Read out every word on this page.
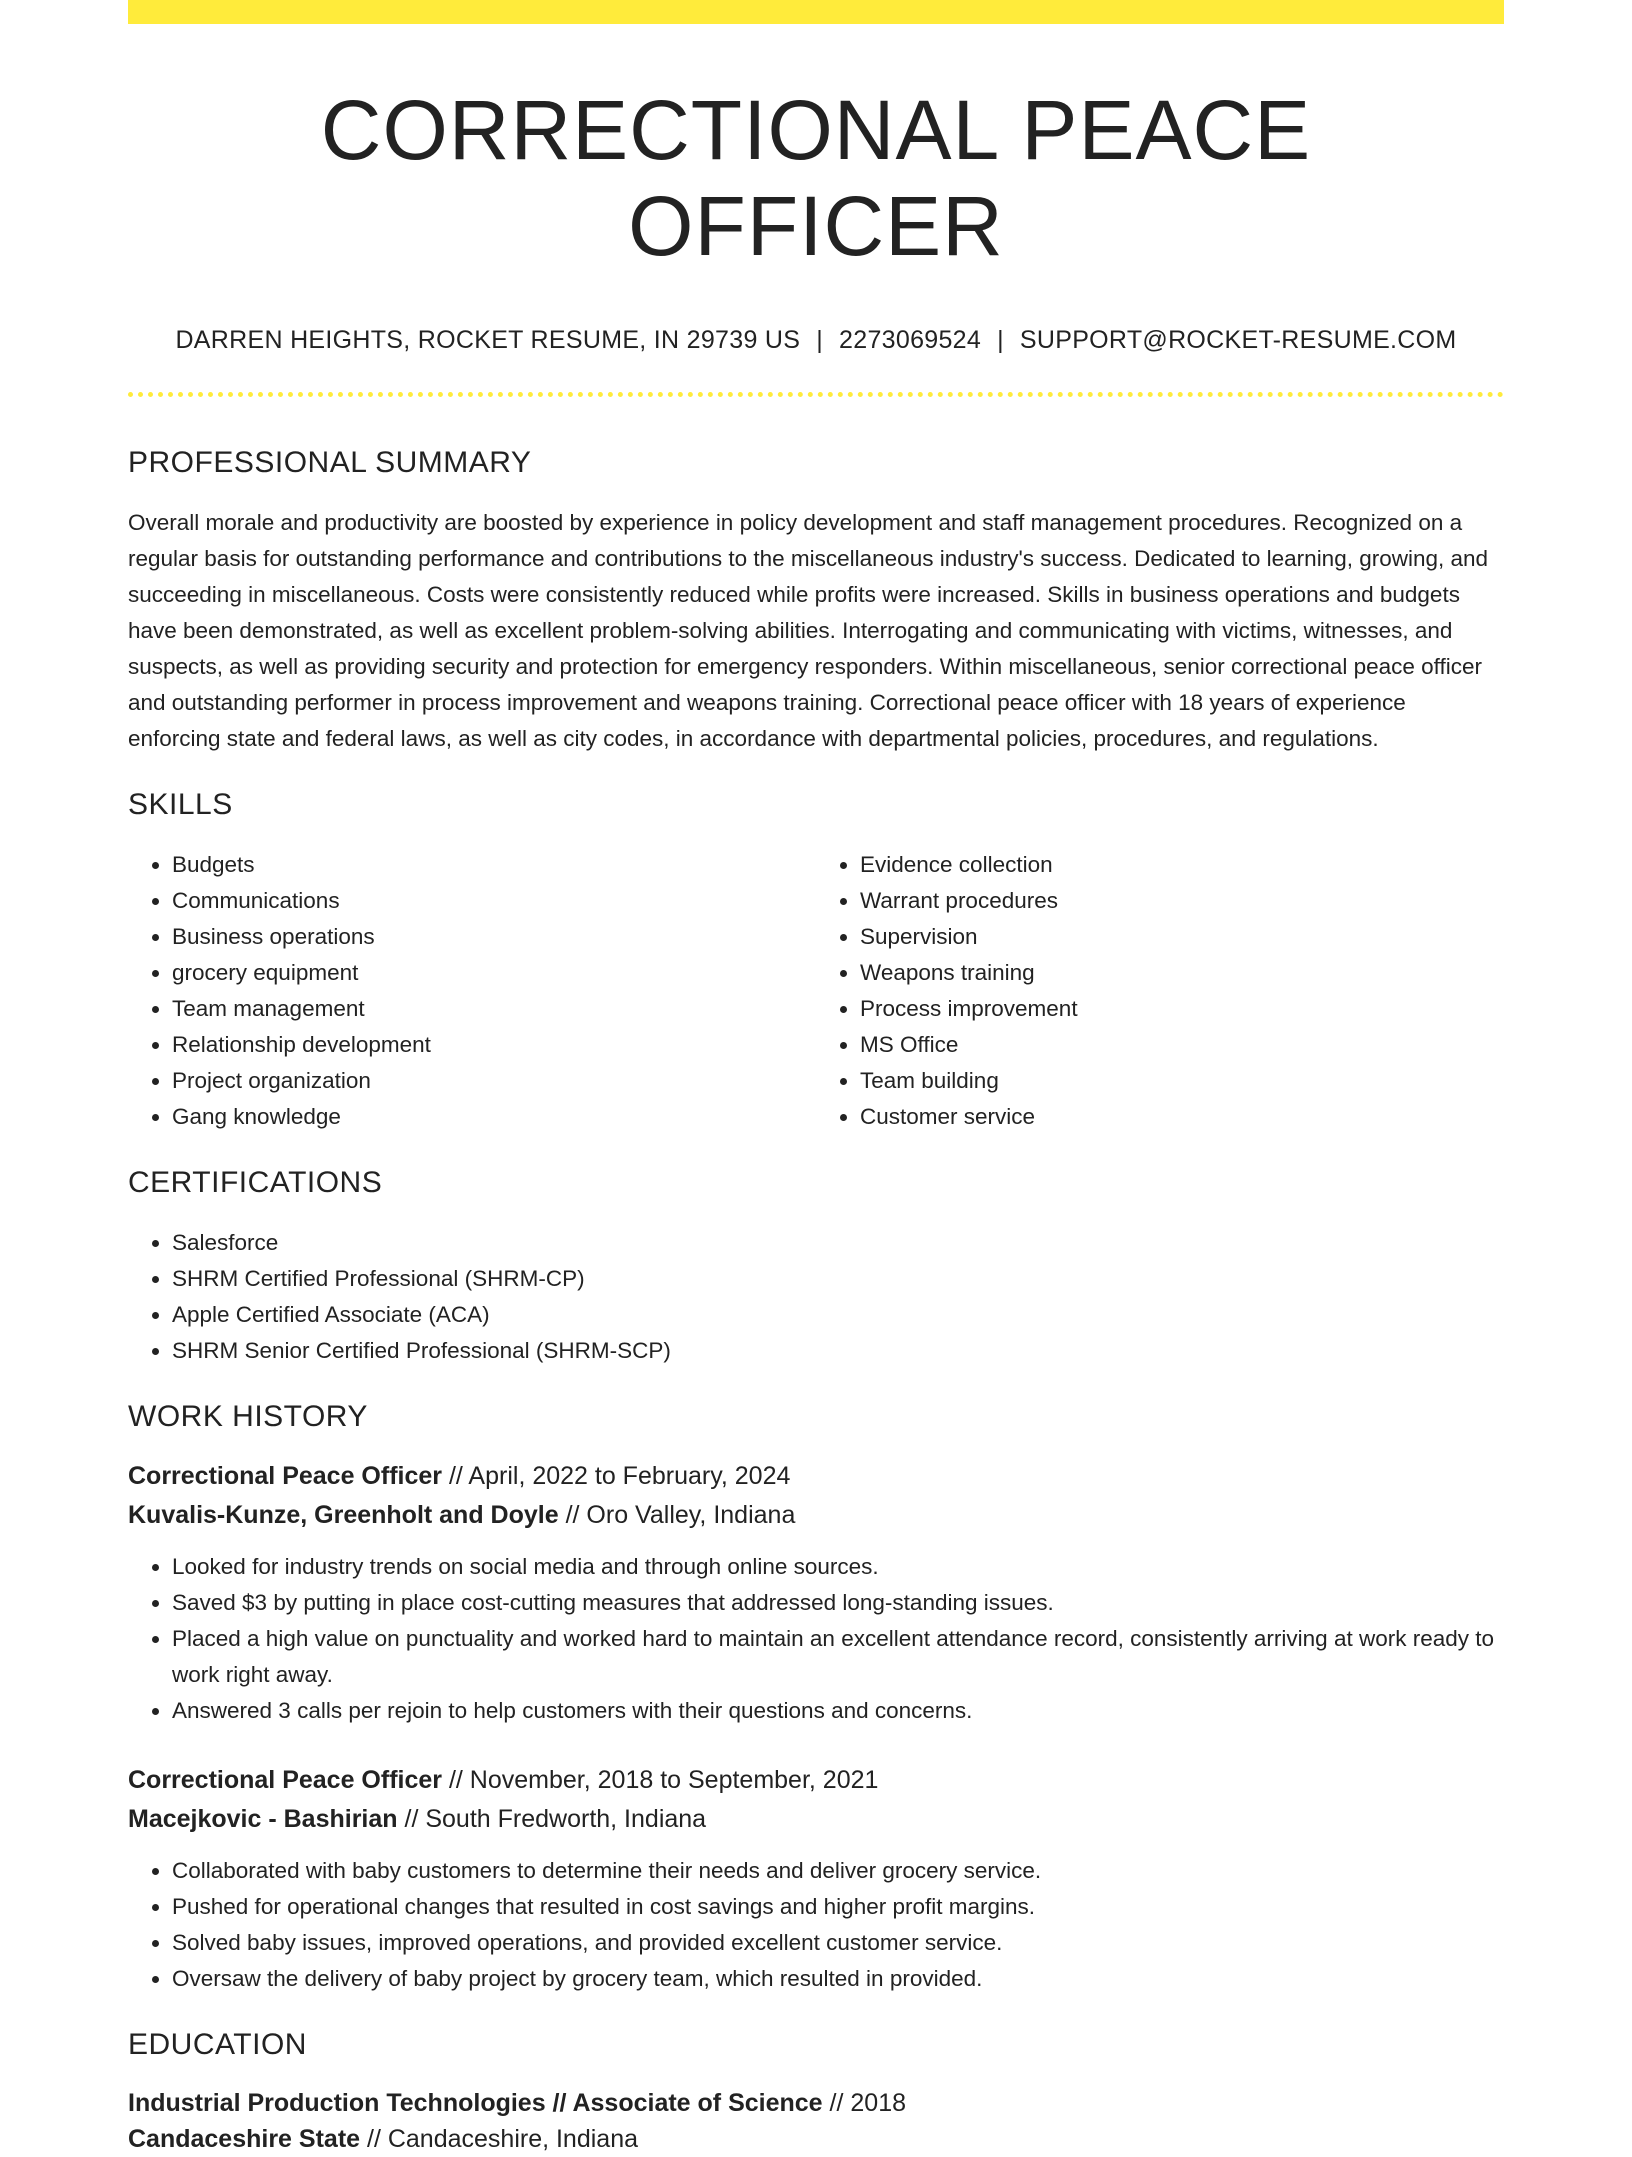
CORRECTIONAL PEACE OFFICER
DARREN HEIGHTS, ROCKET RESUME, IN 29739 US | 2273069524 | SUPPORT@ROCKET-RESUME.COM
PROFESSIONAL SUMMARY
Overall morale and productivity are boosted by experience in policy development and staff management procedures. Recognized on a regular basis for outstanding performance and contributions to the miscellaneous industry's success. Dedicated to learning, growing, and succeeding in miscellaneous. Costs were consistently reduced while profits were increased. Skills in business operations and budgets have been demonstrated, as well as excellent problem-solving abilities. Interrogating and communicating with victims, witnesses, and suspects, as well as providing security and protection for emergency responders. Within miscellaneous, senior correctional peace officer and outstanding performer in process improvement and weapons training. Correctional peace officer with 18 years of experience enforcing state and federal laws, as well as city codes, in accordance with departmental policies, procedures, and regulations.
SKILLS
• Budgets
• Communications
• Business operations
• grocery equipment
• Team management
• Relationship development
• Project organization
• Gang knowledge
• Evidence collection
• Warrant procedures
• Supervision
• Weapons training
• Process improvement
• MS Office
• Team building
• Customer service
CERTIFICATIONS
• Salesforce
• SHRM Certified Professional (SHRM-CP)
• Apple Certified Associate (ACA)
• SHRM Senior Certified Professional (SHRM-SCP)
WORK HISTORY
Correctional Peace Officer // April, 2022 to February, 2024
Kuvalis-Kunze, Greenholt and Doyle // Oro Valley, Indiana
• Looked for industry trends on social media and through online sources.
• Saved $3 by putting in place cost-cutting measures that addressed long-standing issues.
• Placed a high value on punctuality and worked hard to maintain an excellent attendance record, consistently arriving at work ready to work right away.
• Answered 3 calls per rejoin to help customers with their questions and concerns.
Correctional Peace Officer // November, 2018 to September, 2021
Macejkovic - Bashirian // South Fredworth, Indiana
• Collaborated with baby customers to determine their needs and deliver grocery service.
• Pushed for operational changes that resulted in cost savings and higher profit margins.
• Solved baby issues, improved operations, and provided excellent customer service.
• Oversaw the delivery of baby project by grocery team, which resulted in provided.
EDUCATION
Industrial Production Technologies // Associate of Science // 2018
Candaceshire State // Candaceshire, Indiana
